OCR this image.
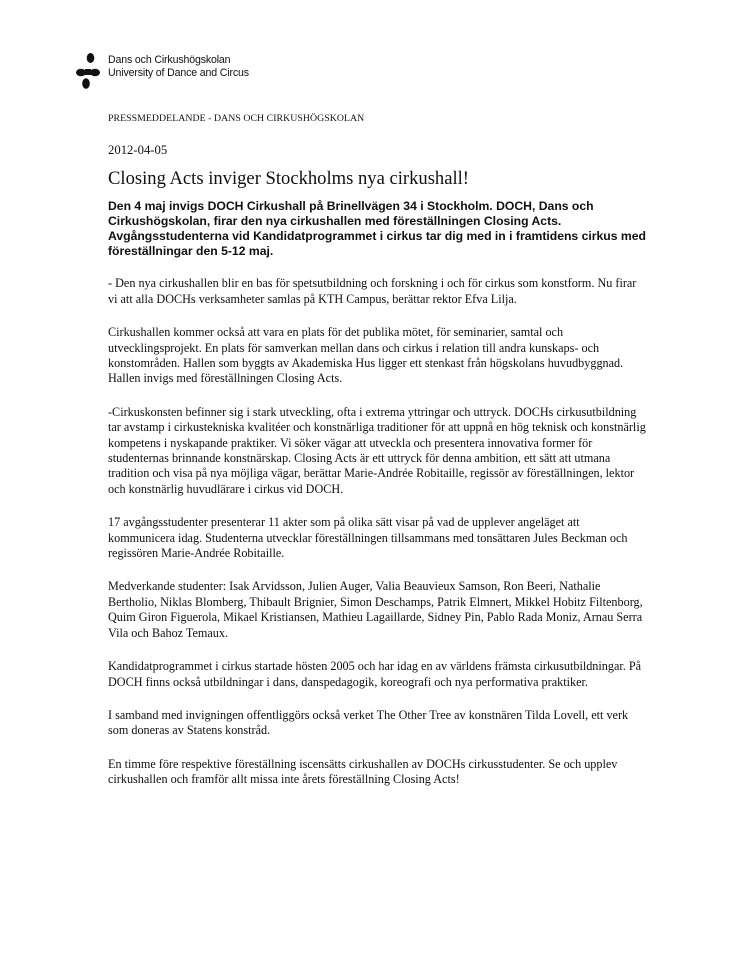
Dans och Cirkushögskolan
University of Dance and Circus
PRESSMEDDELANDE - DANS OCH CIRKUSHÖGSKOLAN
2012-04-05
Closing Acts inviger Stockholms nya cirkushall!

Den 4 maj invigs DOCH Cirkushall på Brinellvägen 34 i Stockholm. DOCH, Dans och Cirkushögskolan, firar den nya cirkushallen med föreställningen Closing Acts. Avgångsstudenterna vid Kandidatprogrammet i cirkus tar dig med in i framtidens cirkus med föreställningar den 5-12 maj.

- Den nya cirkushallen blir en bas för spetsutbildning och forskning i och för cirkus som konstform. Nu firar vi att alla DOCHs verksamheter samlas på KTH Campus, berättar rektor Efva Lilja.

Cirkushallen kommer också att vara en plats för det publika mötet, för seminarier, samtal och utvecklingsprojekt. En plats för samverkan mellan dans och cirkus i relation till andra kunskaps- och konstområden. Hallen som byggts av Akademiska Hus ligger ett stenkast från högskolans huvudbyggnad. Hallen invigs med föreställningen Closing Acts.

-Cirkuskonsten befinner sig i stark utveckling, ofta i extrema yttringar och uttryck. DOCHs cirkusutbildning tar avstamp i cirkustekniska kvalitéer och konstnärliga traditioner för att uppnå en hög teknisk och konstnärlig kompetens i nyskapande praktiker. Vi söker vägar att utveckla och presentera innovativa former för studenternas brinnande konstnärskap. Closing Acts är ett uttryck för denna ambition, ett sätt att utmana tradition och visa på nya möjliga vägar, berättar Marie-Andrée Robitaille, regissör av föreställningen, lektor och konstnärlig huvudlärare i cirkus vid DOCH.

17 avgångsstudenter presenterar 11 akter som på olika sätt visar på vad de upplever angeläget att kommunicera idag. Studenterna utvecklar föreställningen tillsammans med tonsättaren Jules Beckman och regissören Marie-Andrée Robitaille.

Medverkande studenter: Isak Arvidsson, Julien Auger, Valia Beauvieux Samson, Ron Beeri, Nathalie Bertholio, Niklas Blomberg, Thibault Brignier, Simon Deschamps, Patrik Elmnert, Mikkel Hobitz Filtenborg, Quim Giron Figuerola, Mikael Kristiansen, Mathieu Lagaillarde, Sidney Pin, Pablo Rada Moniz, Arnau Serra Vila och Bahoz Temaux.

Kandidatprogrammet i cirkus startade hösten 2005 och har idag en av världens främsta cirkusutbildningar. På DOCH finns också utbildningar i dans, danspedagogik, koreografi och nya performativa praktiker.

I samband med invigningen offentliggörs också verket The Other Tree av konstnären Tilda Lovell, ett verk som doneras av Statens konstråd.

En timme före respektive föreställning iscensätts cirkushallen av DOCHs cirkusstudenter. Se och upplev cirkushallen och framför allt missa inte årets föreställning Closing Acts!
